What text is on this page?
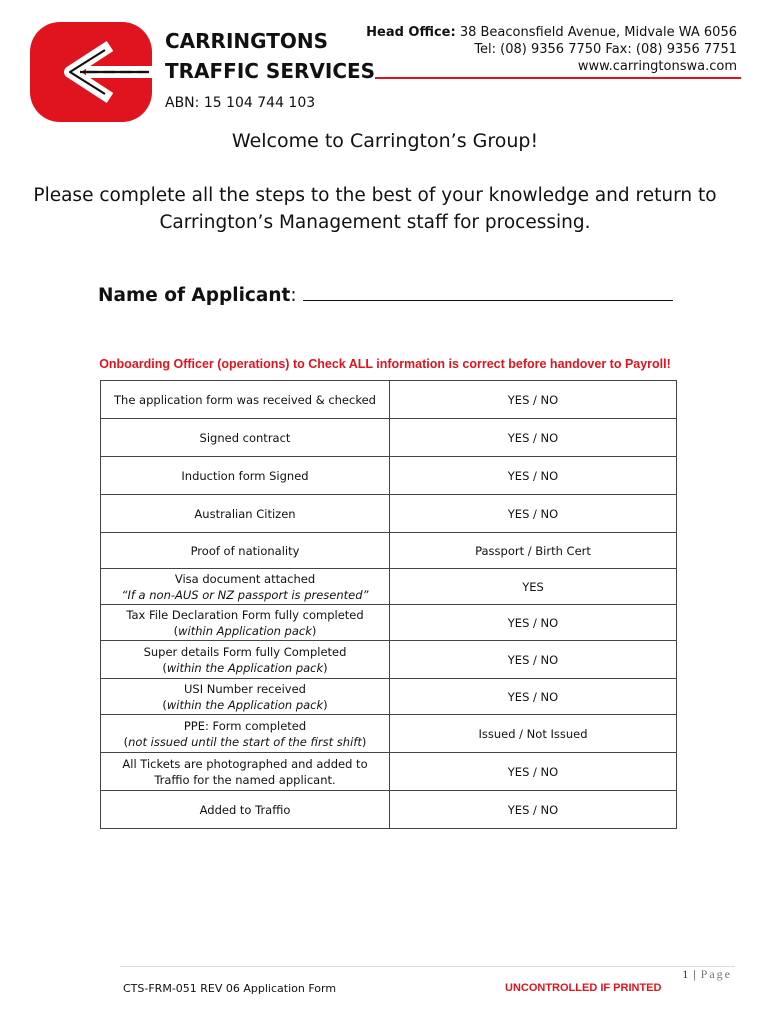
CARRINGTONS
TRAFFIC SERVICES
Head Office: 38 Beaconsfield Avenue, Midvale WA 6056
Tel: (08) 9356 7750 Fax: (08) 9356 7751
www.carringtonswa.com
ABN: 15 104 744 103
Welcome to Carrington’s Group!
Please complete all the steps to the best of your knowledge and return to Carrington’s Management staff for processing.
Name of Applicant:
Onboarding Officer (operations) to Check ALL information is correct before handover to Payroll!
The application form was received & checked	YES / NO

Signed contract	YES / NO

Induction form Signed	YES / NO

Australian Citizen	YES / NO

Proof of nationality	Passport / Birth Cert

Visa document attached
“If a non-AUS or NZ passport is presented”	YES

Tax File Declaration Form fully completed
(within Application pack)	YES / NO

Super details Form fully Completed
(within the Application pack)	YES / NO

USI Number received
(within the Application pack)	YES / NO

PPE: Form completed
(not issued until the start of the first shift)	Issued / Not Issued

All Tickets are photographed and added to Traffio for the named applicant.	YES / NO

Added to Traffio	YES / NO
1 | Page
CTS-FRM-051 REV 06 Application Form	UNCONTROLLED IF PRINTED
